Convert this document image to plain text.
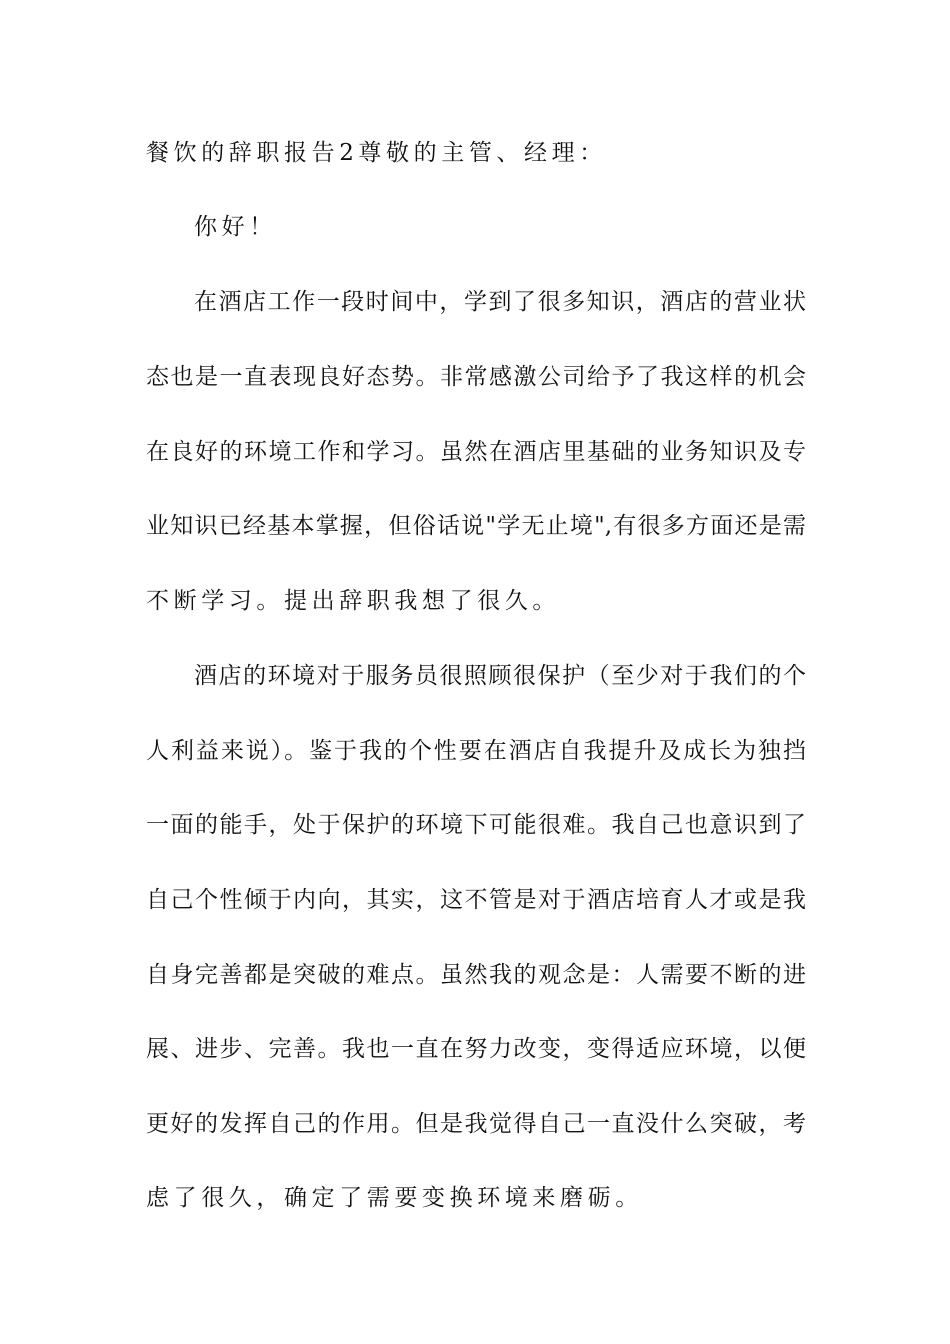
餐饮的辞职报告2尊敬的主管、经理：
你好！
在酒店工作一段时间中，学到了很多知识，酒店的营业状
态也是一直表现良好态势。非常感激公司给予了我这样的机会
在良好的环境工作和学习。虽然在酒店里基础的业务知识及专
业知识已经基本掌握，但俗话说"学无止境",有很多方面还是需
不断学习。提出辞职我想了很久。
酒店的环境对于服务员很照顾很保护（至少对于我们的个
人利益来说）。鉴于我的个性要在酒店自我提升及成长为独挡
一面的能手，处于保护的环境下可能很难。我自己也意识到了
自己个性倾于内向，其实，这不管是对于酒店培育人才或是我
自身完善都是突破的难点。虽然我的观念是：人需要不断的进
展、进步、完善。我也一直在努力改变，变得适应环境，以便
更好的发挥自己的作用。但是我觉得自己一直没什么突破，考
虑了很久，确定了需要变换环境来磨砺。
